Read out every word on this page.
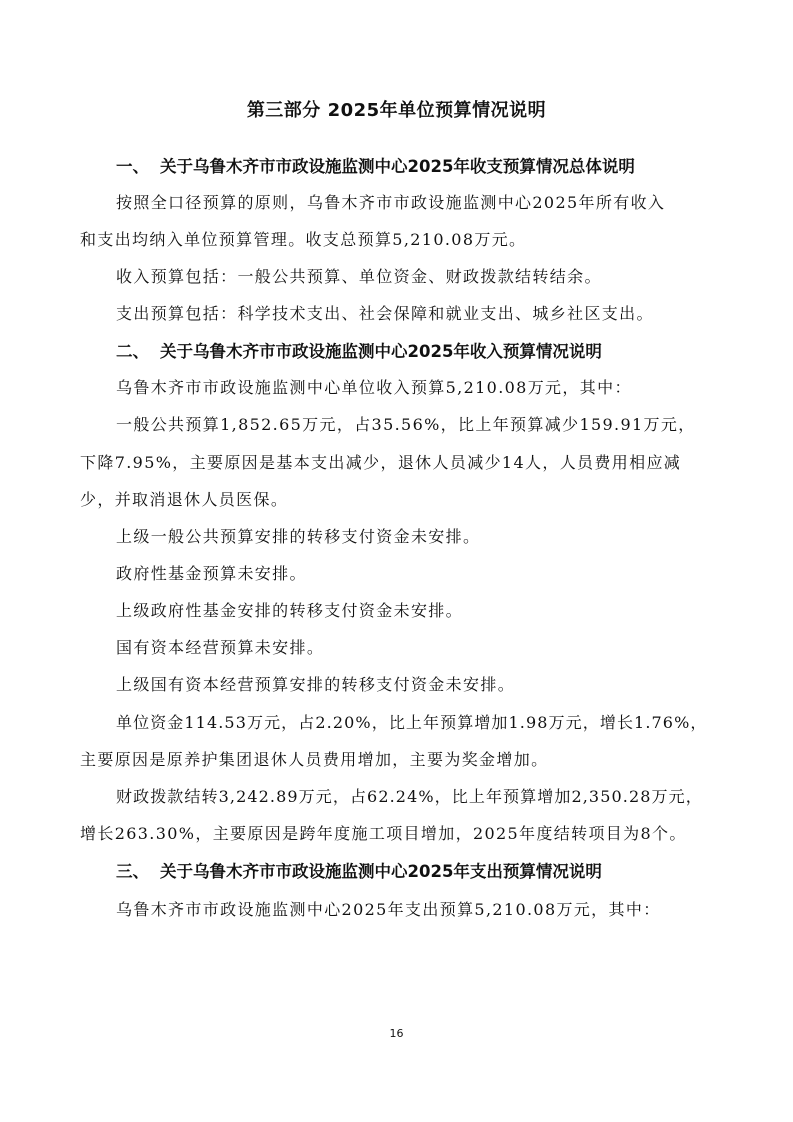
第三部分 2025年单位预算情况说明
一、 关于乌鲁木齐市市政设施监测中心2025年收支预算情况总体说明
按照全口径预算的原则，乌鲁木齐市市政设施监测中心2025年所有收入
和支出均纳入单位预算管理。收支总预算5,210.08万元。
收入预算包括：一般公共预算、单位资金、财政拨款结转结余。
支出预算包括：科学技术支出、社会保障和就业支出、城乡社区支出。
二、 关于乌鲁木齐市市政设施监测中心2025年收入预算情况说明
乌鲁木齐市市政设施监测中心单位收入预算5,210.08万元，其中：
一般公共预算1,852.65万元，占35.56%，比上年预算减少159.91万元，
下降7.95%，主要原因是基本支出减少，退休人员减少14人，人员费用相应减
少，并取消退休人员医保。
上级一般公共预算安排的转移支付资金未安排。
政府性基金预算未安排。
上级政府性基金安排的转移支付资金未安排。
国有资本经营预算未安排。
上级国有资本经营预算安排的转移支付资金未安排。
单位资金114.53万元，占2.20%，比上年预算增加1.98万元，增长1.76%，
主要原因是原养护集团退休人员费用增加，主要为奖金增加。
财政拨款结转3,242.89万元，占62.24%，比上年预算增加2,350.28万元，
增长263.30%，主要原因是跨年度施工项目增加，2025年度结转项目为8个。
三、 关于乌鲁木齐市市政设施监测中心2025年支出预算情况说明
乌鲁木齐市市政设施监测中心2025年支出预算5,210.08万元，其中：
16
